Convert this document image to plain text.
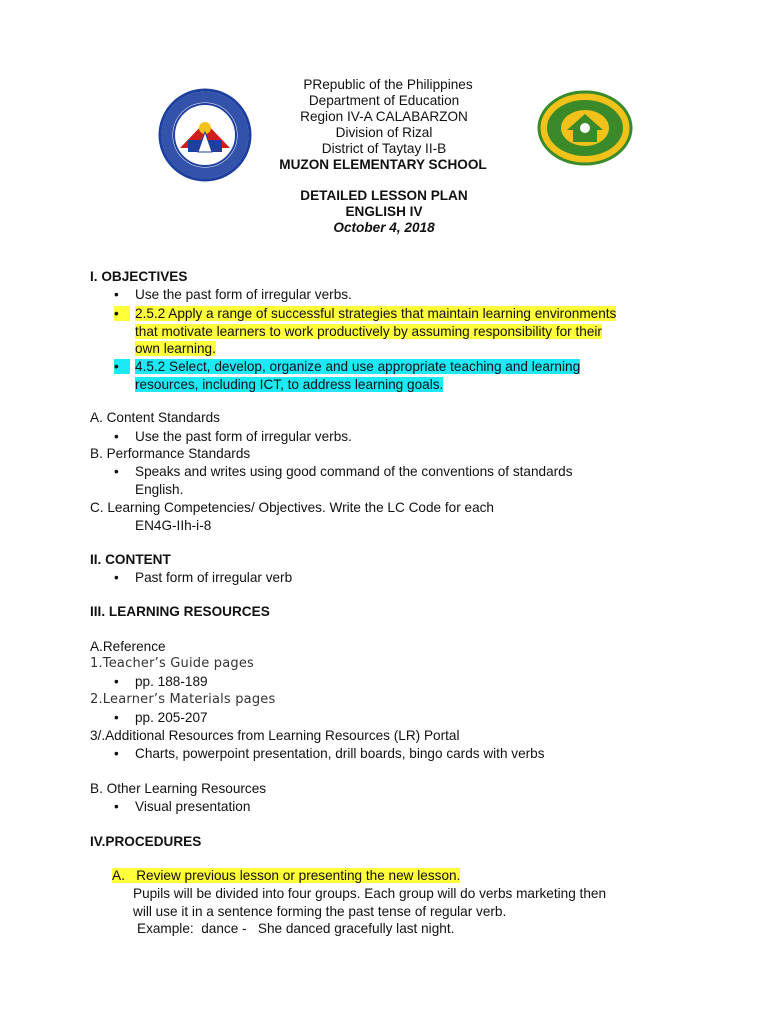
PRepublic of the Philippines
Department of Education
Region IV-A CALABARZON
Division of Rizal
District of Taytay II-B
MUZON ELEMENTARY SCHOOL
DETAILED LESSON PLAN
ENGLISH IV
October 4, 2018
I. OBJECTIVES
• Use the past form of irregular verbs.
• 2.5.2 Apply a range of successful strategies that maintain learning environments
that motivate learners to work productively by assuming responsibility for their
own learning.
• 4.5.2 Select, develop, organize and use appropriate teaching and learning
resources, including ICT, to address learning goals.
A. Content Standards
• Use the past form of irregular verbs.
B. Performance Standards
• Speaks and writes using good command of the conventions of standards
English.
C. Learning Competencies/ Objectives. Write the LC Code for each
EN4G-IIh-i-8
II. CONTENT
• Past form of irregular verb
III. LEARNING RESOURCES
A.Reference
1.Teacher’s Guide pages
• pp. 188-189
2.Learner’s Materials pages
• pp. 205-207
3/.Additional Resources from Learning Resources (LR) Portal
• Charts, powerpoint presentation, drill boards, bingo cards with verbs
B. Other Learning Resources
• Visual presentation
IV.PROCEDURES
A. Review previous lesson or presenting the new lesson.
Pupils will be divided into four groups. Each group will do verbs marketing then
will use it in a sentence forming the past tense of regular verb.
Example:  dance -   She danced gracefully last night.
